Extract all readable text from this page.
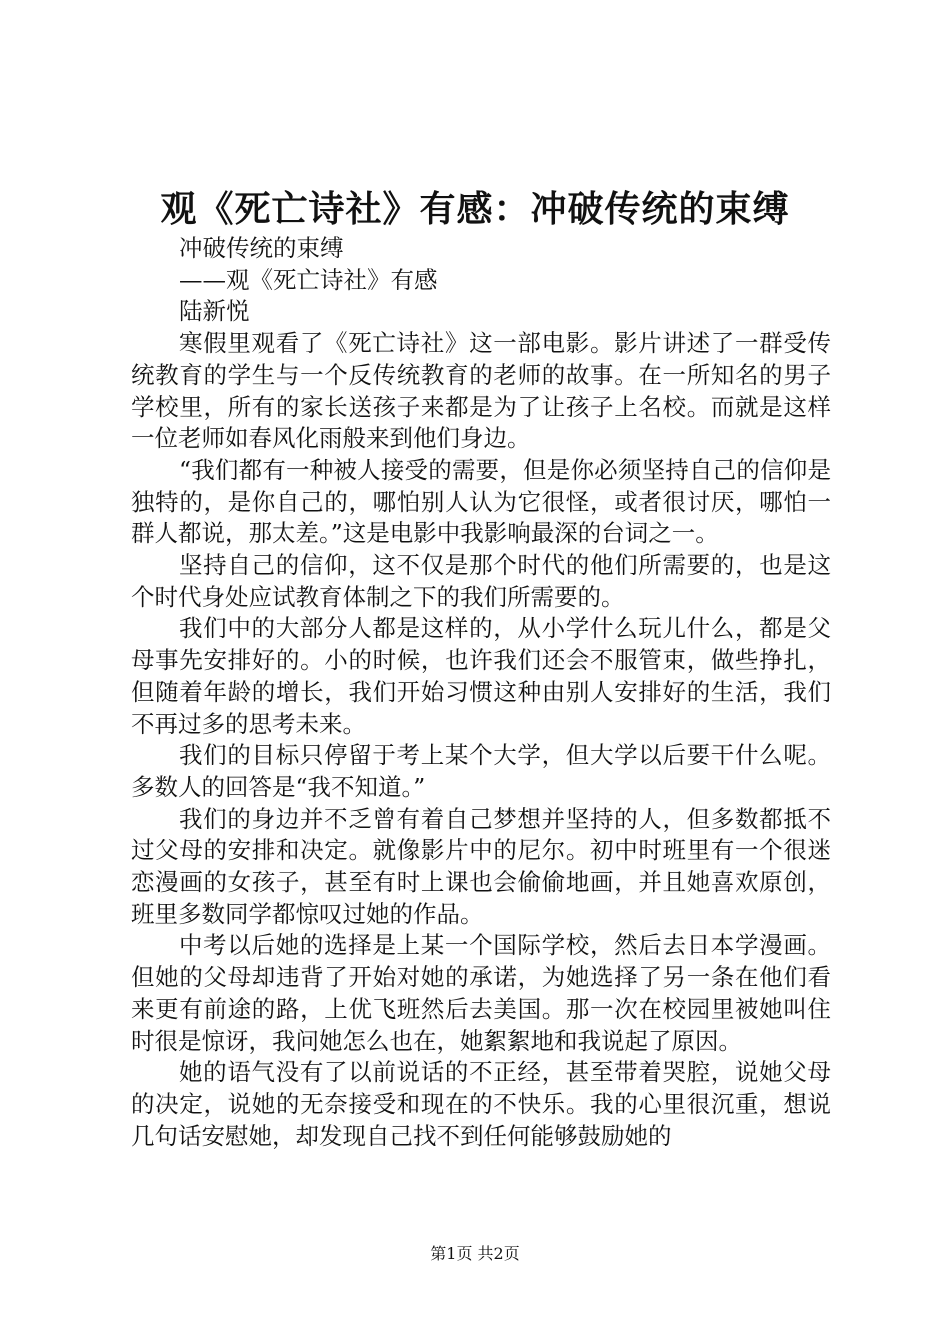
观《死亡诗社》有感：冲破传统的束缚

冲破传统的束缚

——观《死亡诗社》有感

陆新悦

寒假里观看了《死亡诗社》这一部电影。影片讲述了一群受传统教育的学生与一个反传统教育的老师的故事。在一所知名的男子学校里，所有的家长送孩子来都是为了让孩子上名校。而就是这样一位老师如春风化雨般来到他们身边。

“我们都有一种被人接受的需要，但是你必须坚持自己的信仰是独特的，是你自己的，哪怕别人认为它很怪，或者很讨厌，哪怕一群人都说，那太差。”这是电影中我影响最深的台词之一。

坚持自己的信仰，这不仅是那个时代的他们所需要的，也是这个时代身处应试教育体制之下的我们所需要的。

我们中的大部分人都是这样的，从小学什么玩儿什么，都是父母事先安排好的。小的时候，也许我们还会不服管束，做些挣扎，但随着年龄的增长，我们开始习惯这种由别人安排好的生活，我们不再过多的思考未来。

我们的目标只停留于考上某个大学，但大学以后要干什么呢。多数人的回答是“我不知道。”

我们的身边并不乏曾有着自己梦想并坚持的人，但多数都抵不过父母的安排和决定。就像影片中的尼尔。初中时班里有一个很迷恋漫画的女孩子，甚至有时上课也会偷偷地画，并且她喜欢原创，班里多数同学都惊叹过她的作品。

中考以后她的选择是上某一个国际学校，然后去日本学漫画。但她的父母却违背了开始对她的承诺，为她选择了另一条在他们看来更有前途的路，上优飞班然后去美国。那一次在校园里被她叫住时很是惊讶，我问她怎么也在，她絮絮地和我说起了原因。

她的语气没有了以前说话的不正经，甚至带着哭腔，说她父母的决定，说她的无奈接受和现在的不快乐。我的心里很沉重，想说几句话安慰她，却发现自己找不到任何能够鼓励她的

第1页 共2页
